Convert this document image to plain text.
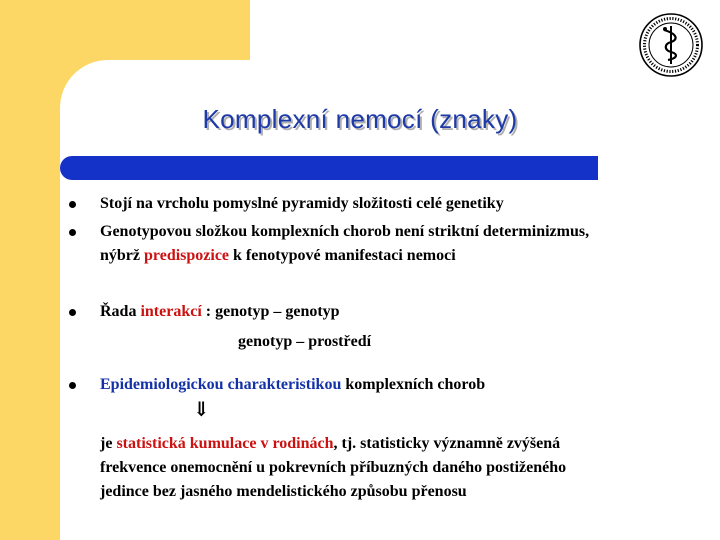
Komplexní nemocí (znaky)
Stojí na vrcholu pomyslné pyramidy složitosti celé genetiky
Genotypovou složkou komplexních chorob není striktní determinizmus,
nýbrž predispozice k fenotypové manifestaci nemoci
Řada interakcí : genotyp – genotyp
genotyp – prostředí
Epidemiologickou charakteristikou komplexních chorob
⇓
je statistická kumulace v rodinách, tj. statisticky významně zvýšená
frekvence onemocnění u pokrevních příbuzných daného postiženého
jedince bez jasného mendelistického způsobu přenosu
